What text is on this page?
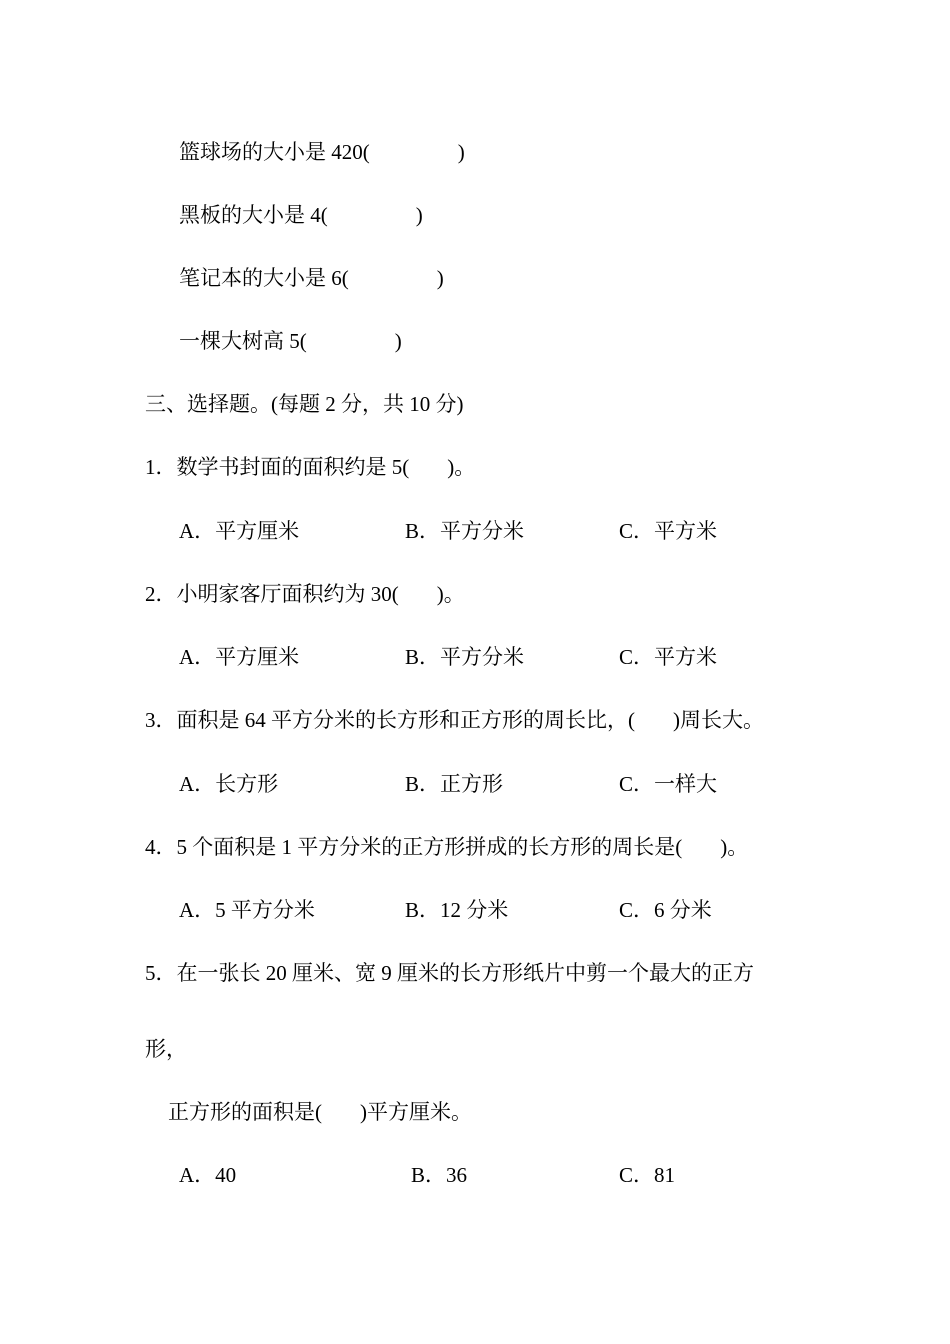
篮球场的大小是 420(	)
黑板的大小是 4(	)
笔记本的大小是 6(	)
一棵大树高 5(	)
三、选择题。(每题 2 分，共 10 分)
1．数学书封面的面积约是 5( )。
A．平方厘米	B．平方分米	C．平方米
2．小明家客厅面积约为 30( )。
A．平方厘米	B．平方分米	C．平方米
3．面积是 64 平方分米的长方形和正方形的周长比，( )周长大。
A．长方形	B．正方形	C．一样大
4．5 个面积是 1 平方分米的正方形拼成的长方形的周长是( )。
A．5 平方分米	B．12 分米	C．6 分米
5．在一张长 20 厘米、宽 9 厘米的长方形纸片中剪一个最大的正方
形，
正方形的面积是( )平方厘米。
A．40	B．36	C．81
